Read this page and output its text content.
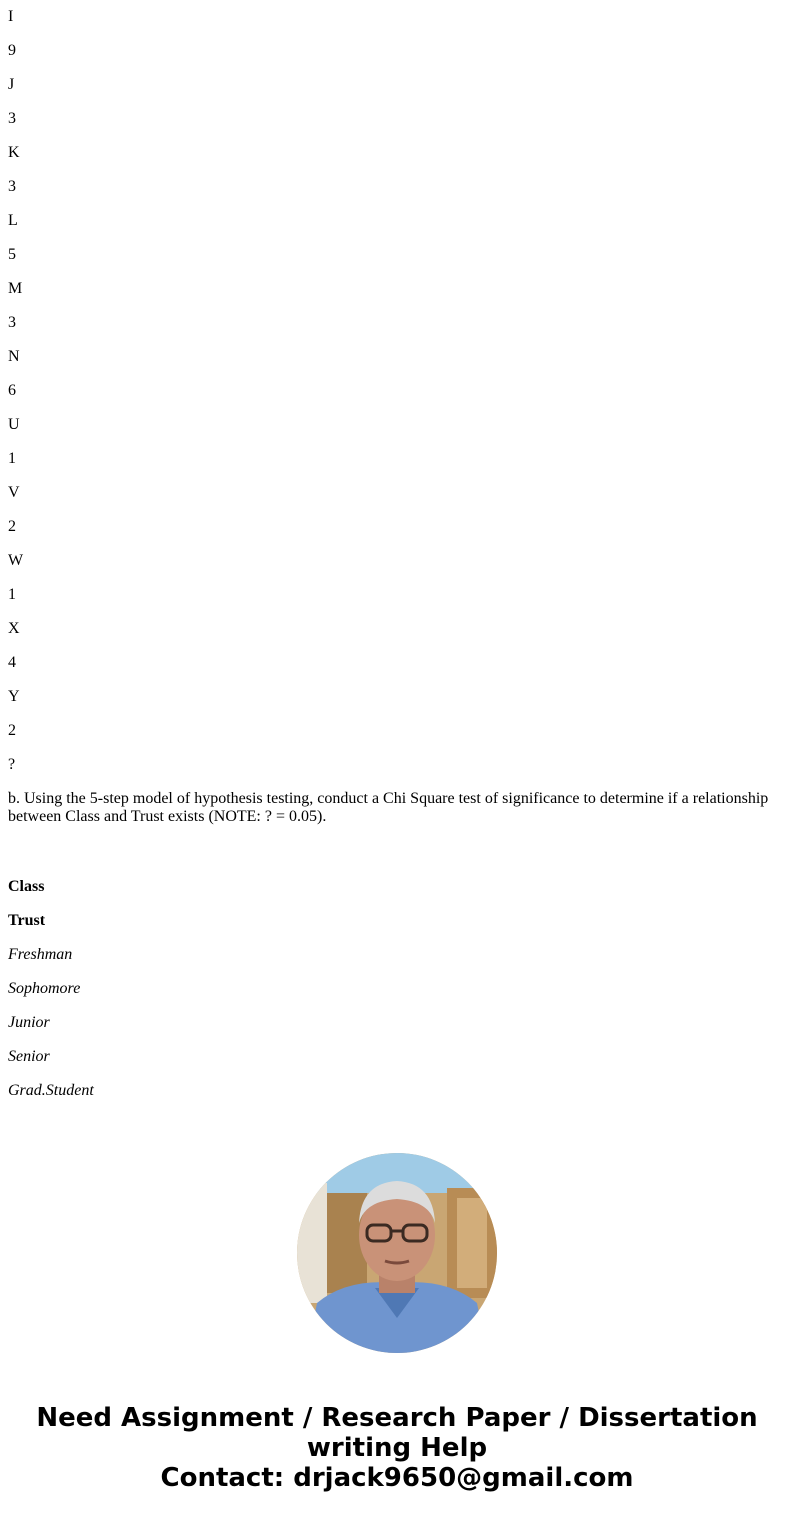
I

9

J

3

K

3

L

5

M

3

N

6

U

1

V

2

W

1

X

4

Y

2

?

b. Using the 5-step model of hypothesis testing, conduct a Chi Square test of significance to determine if a relationship between Class and Trust exists (NOTE: ? = 0.05).

Class

Trust

Freshman

Sophomore

Junior

Senior

Grad.Student

Need Assignment / Research Paper / Dissertation
writing Help
Contact: drjack9650@gmail.com
